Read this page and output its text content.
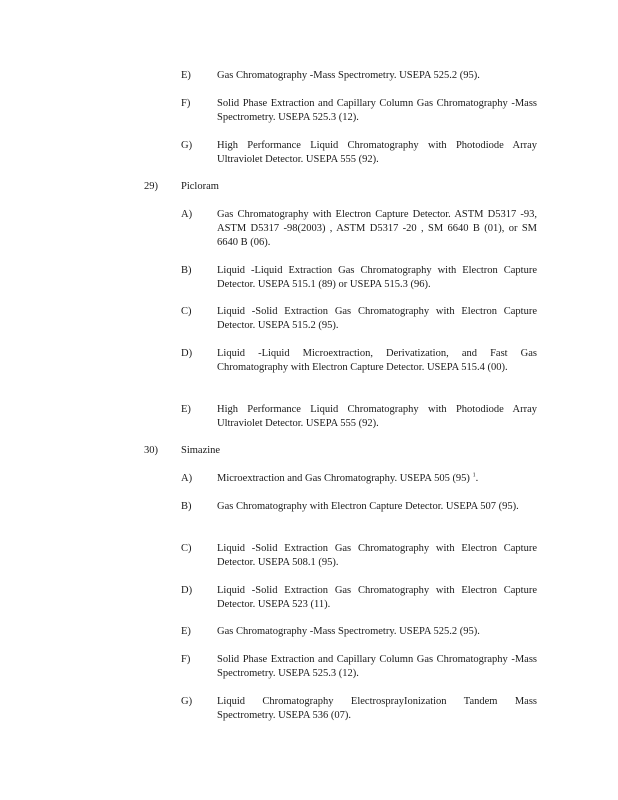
E) Gas Chromatography -Mass Spectrometry. USEPA 525.2 (95).
F)	Solid Phase Extraction and Capillary Column Gas Chromatography -Mass Spectrometry. USEPA 525.3 (12).
G) High Performance Liquid Chromatography with Photodiode Array Ultraviolet Detector. USEPA 555 (92).
29) Picloram
A) Gas Chromatography with Electron Capture Detector. ASTM D5317 -93, ASTM D5317 -98(2003) , ASTM D5317 -20 , SM 6640 B (01), or SM 6640 B (06).
B) Liquid -Liquid Extraction Gas Chromatography with Electron Capture Detector. USEPA 515.1 (89) or USEPA 515.3 (96).
C) Liquid -Solid Extraction Gas Chromatography with Electron Capture Detector. USEPA 515.2 (95).
D) Liquid -Liquid Microextraction, Derivatization, and Fast Gas Chromatography with Electron Capture Detector. USEPA 515.4 (00).
E) High Performance Liquid Chromatography with Photodiode Array Ultraviolet Detector. USEPA 555 (92).
30) Simazine
A) Microextraction and Gas Chromatography. USEPA 505 (95) $^1$.
B) Gas Chromatography with Electron Capture Detector. USEPA 507 (95).
C) Liquid -Solid Extraction Gas Chromatography with Electron Capture Detector. USEPA 508.1 (95).
D) Liquid -Solid Extraction Gas Chromatography with Electron Capture Detector. USEPA 523 (11).
E) Gas Chromatography -Mass Spectrometry. USEPA 525.2 (95).
F)	Solid Phase Extraction and Capillary Column Gas Chromatography -Mass Spectrometry. USEPA 525.3 (12).
G) Liquid Chromatography ElectrosprayIonization Tandem Mass Spectrometry. USEPA 536 (07).
